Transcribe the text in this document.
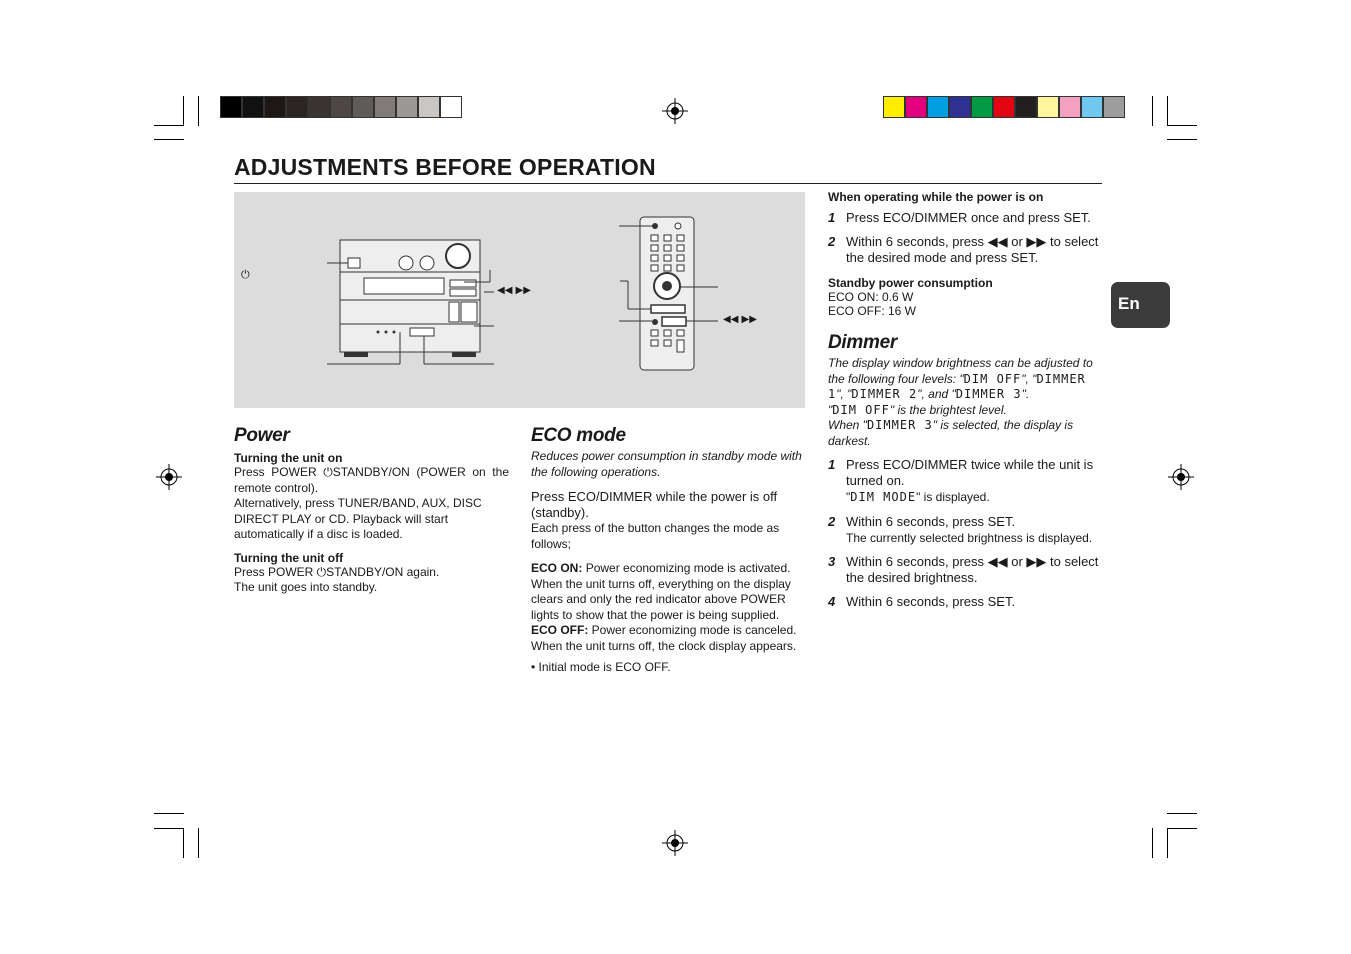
ADJUSTMENTS BEFORE OPERATION
En
⏻
◀◀ ▶▶
◀◀ ▶▶
Power

Turning the unit on

Press POWER ⏻STANDBY/ON (POWER on the remote control).

Alternatively, press TUNER/BAND, AUX, DISC DIRECT PLAY or CD. Playback will start automatically if a disc is loaded.

Turning the unit off

Press POWER ⏻STANDBY/ON again.

The unit goes into standby.

ECO mode

Reduces power consumption in standby mode with the following operations.

Press ECO/DIMMER while the power is off (standby).

Each press of the button changes the mode as follows;

ECO ON: Power economizing mode is activated.

When the unit turns off, everything on the display clears and only the red indicator above POWER lights to show that the power is being supplied.

ECO OFF: Power economizing mode is canceled.

When the unit turns off, the clock display appears.

• Initial mode is ECO OFF.

When operating while the power is on

1 Press ECO/DIMMER once and press SET.
2 Within 6 seconds, press ◀◀ or ▶▶ to select the desired mode and press SET.

Standby power consumption

ECO ON: 0.6 W

ECO OFF: 16 W

Dimmer

The display window brightness can be adjusted to the following four levels: "DIM OFF", "DIMMER 1", "DIMMER 2", and "DIMMER 3".

"DIM OFF" is the brightest level.

When "DIMMER 3" is selected, the display is darkest.

1 Press ECO/DIMMER twice while the unit is turned on.
"DIM MODE" is displayed.
2 Within 6 seconds, press SET.
The currently selected brightness is displayed.
3 Within 6 seconds, press ◀◀ or ▶▶ to select the desired brightness.
4 Within 6 seconds, press SET.
